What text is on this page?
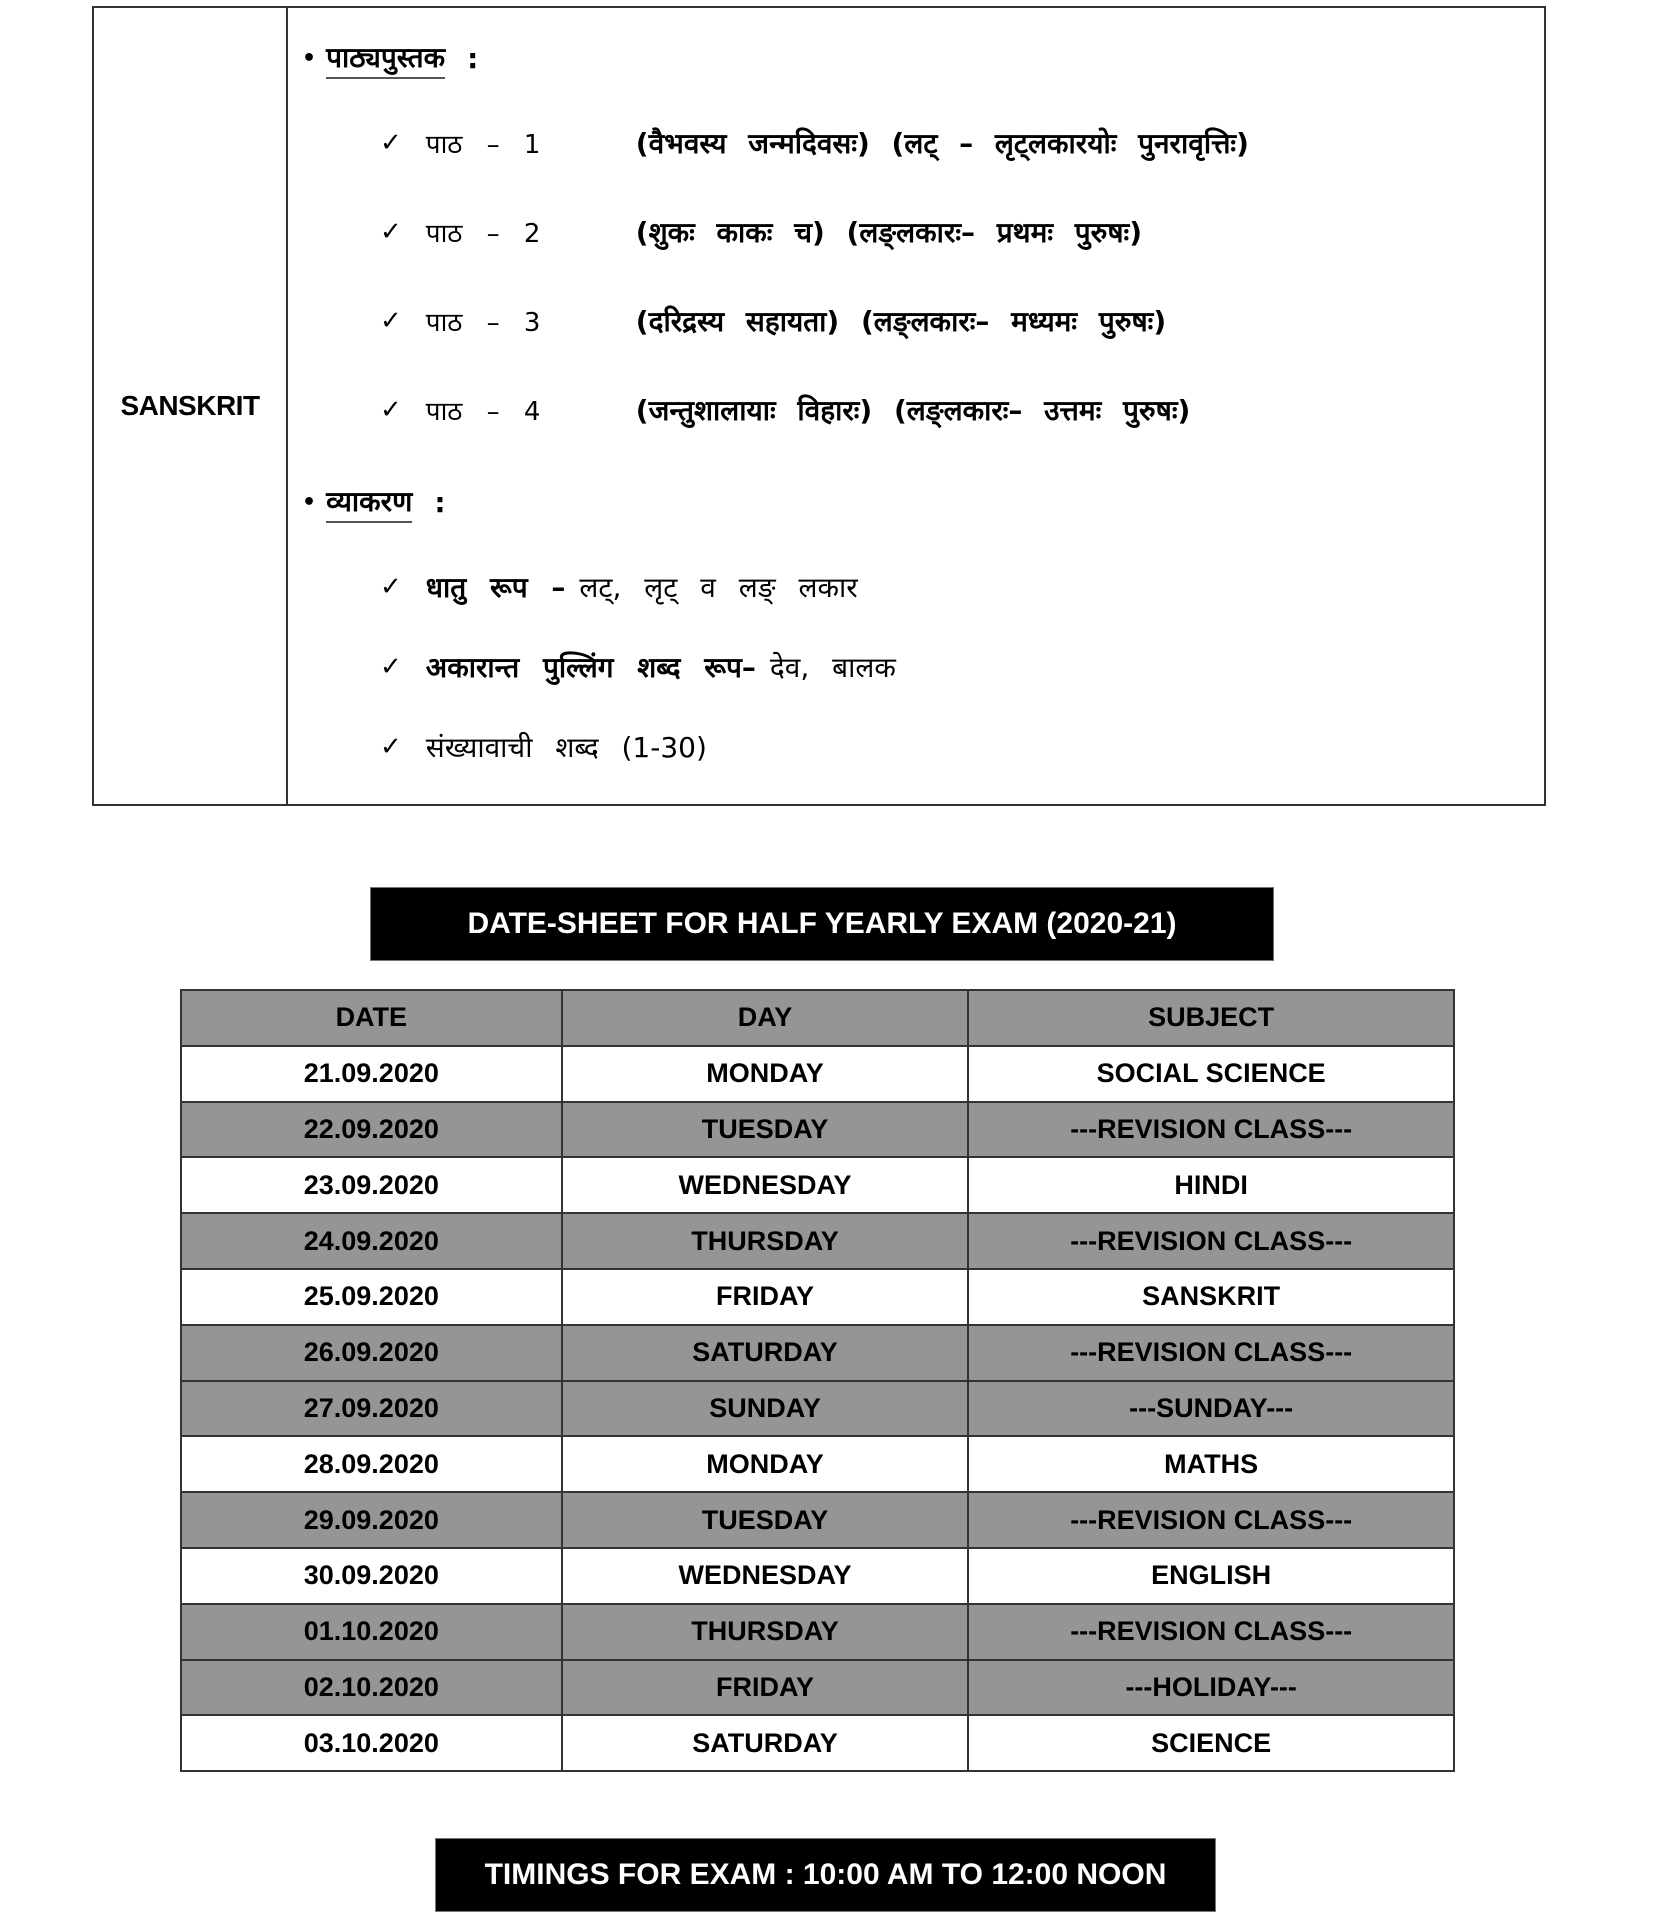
SANSKRIT
• पाठ्यपुस्तक :
✓ पाठ – 1	(वैभवस्य जन्मदिवसः) (लट् – लृट्लकारयोः पुनरावृत्तिः)
✓ पाठ – 2	(शुकः काकः च) (लङ्लकारः– प्रथमः पुरुषः)
✓ पाठ – 3	(दरिद्रस्य सहायता) (लङ्लकारः– मध्यमः पुरुषः)
✓ पाठ – 4	(जन्तुशालायाः विहारः) (लङ्लकारः– उत्तमः पुरुषः)
• व्याकरण :
✓ धातु रूप – लट्, लृट् व लङ् लकार
✓ अकारान्त पुल्लिंग शब्द रूप– देव, बालक
✓ संख्यावाची शब्द (1-30)
DATE-SHEET FOR HALF YEARLY EXAM (2020-21)
DATE	DAY	SUBJECT
21.09.2020	MONDAY	SOCIAL SCIENCE
22.09.2020	TUESDAY	---REVISION CLASS---
23.09.2020	WEDNESDAY	HINDI
24.09.2020	THURSDAY	---REVISION CLASS---
25.09.2020	FRIDAY	SANSKRIT
26.09.2020	SATURDAY	---REVISION CLASS---
27.09.2020	SUNDAY	---SUNDAY---
28.09.2020	MONDAY	MATHS
29.09.2020	TUESDAY	---REVISION CLASS---
30.09.2020	WEDNESDAY	ENGLISH
01.10.2020	THURSDAY	---REVISION CLASS---
02.10.2020	FRIDAY	---HOLIDAY---
03.10.2020	SATURDAY	SCIENCE
TIMINGS FOR EXAM : 10:00 AM TO 12:00 NOON
